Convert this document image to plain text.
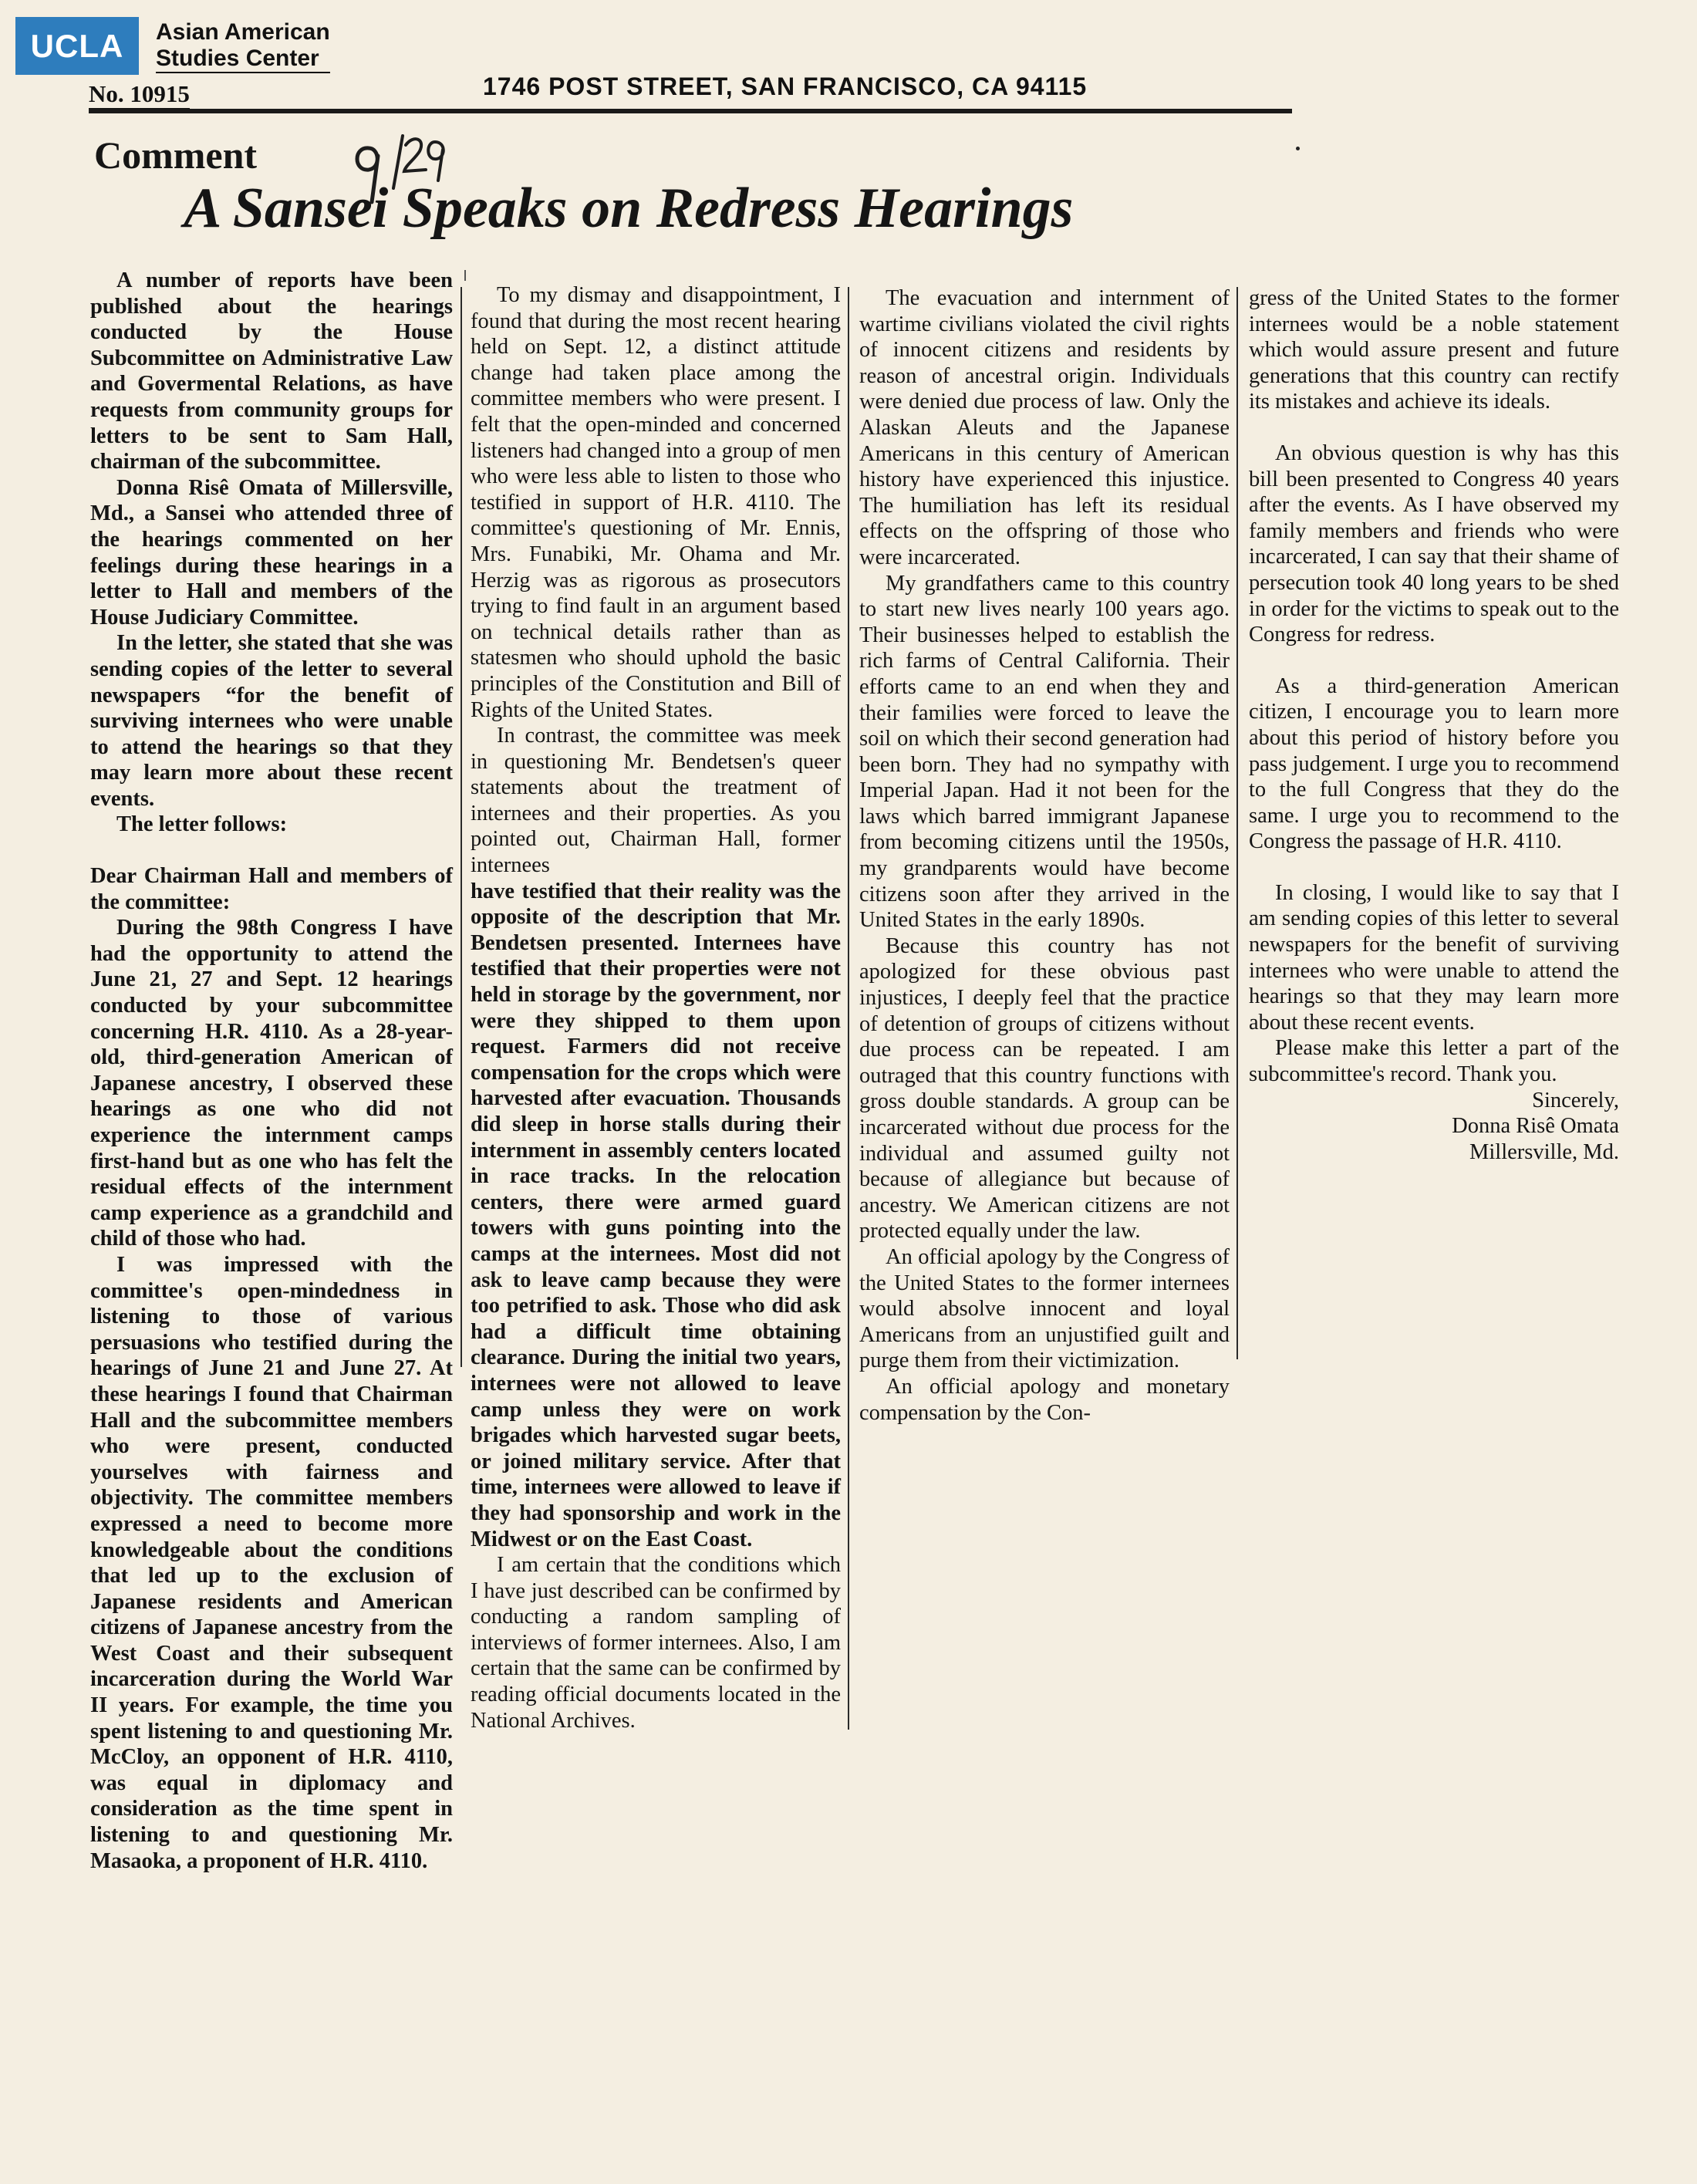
UCLA	Asian American
Studies Center
No. 10915	1746 POST STREET, SAN FRANCISCO, CA 94115
Comment
A Sansei Speaks on Redress Hearings

A number of reports have been published about the hearings conducted by the House Subcommittee on Administrative Law and Govermental Relations, as have requests from community groups for letters to be sent to Sam Hall, chairman of the subcommittee.

Donna Risê Omata of Millersville, Md., a Sansei who attended three of the hearings commented on her feelings during these hearings in a letter to Hall and members of the House Judiciary Committee.

In the letter, she stated that she was sending copies of the letter to several newspapers “for the benefit of surviving internees who were unable to attend the hearings so that they may learn more about these recent events.

The letter follows:

Dear Chairman Hall and members of the committee:

During the 98th Congress I have had the opportunity to attend the June 21, 27 and Sept. 12 hearings conducted by your subcommittee concerning H.R. 4110. As a 28-year-old, third-generation American of Japanese ancestry, I observed these hearings as one who did not experience the internment camps first-hand but as one who has felt the residual effects of the internment camp experience as a grandchild and child of those who had.

I was impressed with the committee's open-mindedness in listening to those of various persuasions who testified during the hearings of June 21 and June 27. At these hearings I found that Chairman Hall and the subcommittee members who were present, conducted yourselves with fairness and objectivity. The committee members expressed a need to become more knowledgeable about the conditions that led up to the exclusion of Japanese residents and American citizens of Japanese ancestry from the West Coast and their subsequent incarceration during the World War II years. For example, the time you spent listening to and questioning Mr. McCloy, an opponent of H.R. 4110, was equal in diplomacy and consideration as the time spent in listening to and questioning Mr. Masaoka, a proponent of H.R. 4110.

To my dismay and disappointment, I found that during the most recent hearing held on Sept. 12, a distinct attitude change had taken place among the committee members who were present. I felt that the open-minded and concerned listeners had changed into a group of men who were less able to listen to those who testified in support of H.R. 4110. The committee's questioning of Mr. Ennis, Mrs. Funabiki, Mr. Ohama and Mr. Herzig was as rigorous as prosecutors trying to find fault in an argument based on technical details rather than as statesmen who should uphold the basic principles of the Constitution and Bill of Rights of the United States.

In contrast, the committee was meek in questioning Mr. Bendetsen's queer statements about the treatment of internees and their properties. As you pointed out, Chairman Hall, former internees

have testified that their reality was the opposite of the description that Mr. Bendetsen presented. Internees have testified that their properties were not held in storage by the government, nor were they shipped to them upon request. Farmers did not receive compensation for the crops which were harvested after evacuation. Thousands did sleep in horse stalls during their internment in assembly centers located in race tracks. In the relocation centers, there were armed guard towers with guns pointing into the camps at the internees. Most did not ask to leave camp because they were too petrified to ask. Those who did ask had a difficult time obtaining clearance. During the initial two years, internees were not allowed to leave camp unless they were on work brigades which harvested sugar beets, or joined military service. After that time, internees were allowed to leave if they had sponsorship and work in the Midwest or on the East Coast.

I am certain that the conditions which I have just described can be confirmed by conducting a random sampling of interviews of former internees. Also, I am certain that the same can be confirmed by reading official documents located in the National Archives.

The evacuation and internment of wartime civilians violated the civil rights of innocent citizens and residents by reason of ancestral origin. Individuals were denied due process of law. Only the Alaskan Aleuts and the Japanese Americans in this century of American history have experienced this injustice. The humiliation has left its residual effects on the offspring of those who were incarcerated.

My grandfathers came to this country to start new lives nearly 100 years ago. Their businesses helped to establish the rich farms of Central California. Their efforts came to an end when they and their families were forced to leave the soil on which their second generation had been born. They had no sympathy with Imperial Japan. Had it not been for the laws which barred immigrant Japanese from becoming citizens until the 1950s, my grandparents would have become citizens soon after they arrived in the United States in the early 1890s.

Because this country has not apologized for these obvious past injustices, I deeply feel that the practice of detention of groups of citizens without due process can be repeated. I am outraged that this country functions with gross double standards. A group can be incarcerated without due process for the individual and assumed guilty not because of allegiance but because of ancestry. We American citizens are not protected equally under the law.

An official apology by the Congress of the United States to the former internees would absolve innocent and loyal Americans from an unjustified guilt and purge them from their victimization.

An official apology and monetary compensation by the Con-

gress of the United States to the former internees would be a noble statement which would assure present and future generations that this country can rectify its mistakes and achieve its ideals.

An obvious question is why has this bill been presented to Congress 40 years after the events. As I have observed my family members and friends who were incarcerated, I can say that their shame of persecution took 40 long years to be shed in order for the victims to speak out to the Congress for redress.

As a third-generation American citizen, I encourage you to learn more about this period of history before you pass judgement. I urge you to recommend to the full Congress that they do the same. I urge you to recommend to the Congress the passage of H.R. 4110.

In closing, I would like to say that I am sending copies of this letter to several newspapers for the benefit of surviving internees who were unable to attend the hearings so that they may learn more about these recent events.

Please make this letter a part of the subcommittee's record. Thank you.

Sincerely,

Donna Risê Omata

Millersville, Md.
